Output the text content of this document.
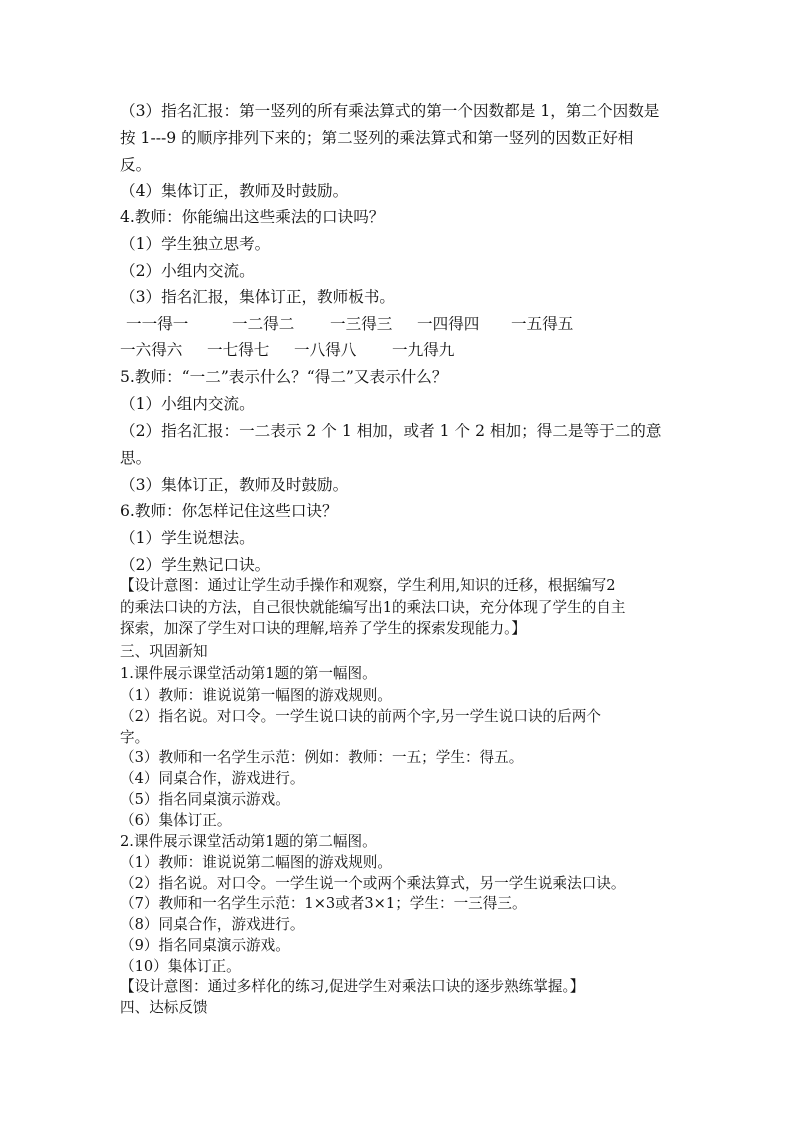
（3）指名汇报：第一竖列的所有乘法算式的第一个因数都是 1，第二个因数是
按 1---9 的顺序排列下来的；第二竖列的乘法算式和第一竖列的因数正好相
反。
（4）集体订正，教师及时鼓励。
4.教师：你能编出这些乘法的口诀吗？
（1）学生独立思考。
（2）小组内交流。
（3）指名汇报，集体订正，教师板书。
一一得一	一二得二 一三得三 一四得四 一五得五
一六得六 一七得七 一八得八 一九得九
5.教师：“一二”表示什么？“得二”又表示什么？
（1）小组内交流。
（2）指名汇报：一二表示 2 个 1 相加，或者 1 个 2 相加；得二是等于二的意
思。
（3）集体订正，教师及时鼓励。
6.教师：你怎样记住这些口诀？
（1）学生说想法。
（2）学生熟记口诀。
【设计意图：通过让学生动手操作和观察，学生利用,知识的迁移，根据编写2
的乘法口诀的方法，自己很快就能编写出1的乘法口诀，充分体现了学生的自主
探索，加深了学生对口诀的理解,培养了学生的探索发现能力。】
三、巩固新知
1.课件展示课堂活动第1题的第一幅图。
（1）教师：谁说说第一幅图的游戏规则。
（2）指名说。对口令。一学生说口诀的前两个字,另一学生说口诀的后两个
字。
（3）教师和一名学生示范：例如：教师：一五；学生：得五。
（4）同桌合作，游戏进行。
（5）指名同桌演示游戏。
（6）集体订正。
2.课件展示课堂活动第1题的第二幅图。
（1）教师：谁说说第二幅图的游戏规则。
（2）指名说。对口令。一学生说一个或两个乘法算式，另一学生说乘法口诀。
（7）教师和一名学生示范：1×3或者3×1；学生：一三得三。
（8）同桌合作，游戏进行。
（9）指名同桌演示游戏。
（10）集体订正。
【设计意图：通过多样化的练习,促进学生对乘法口诀的逐步熟练掌握。】
四、达标反馈
